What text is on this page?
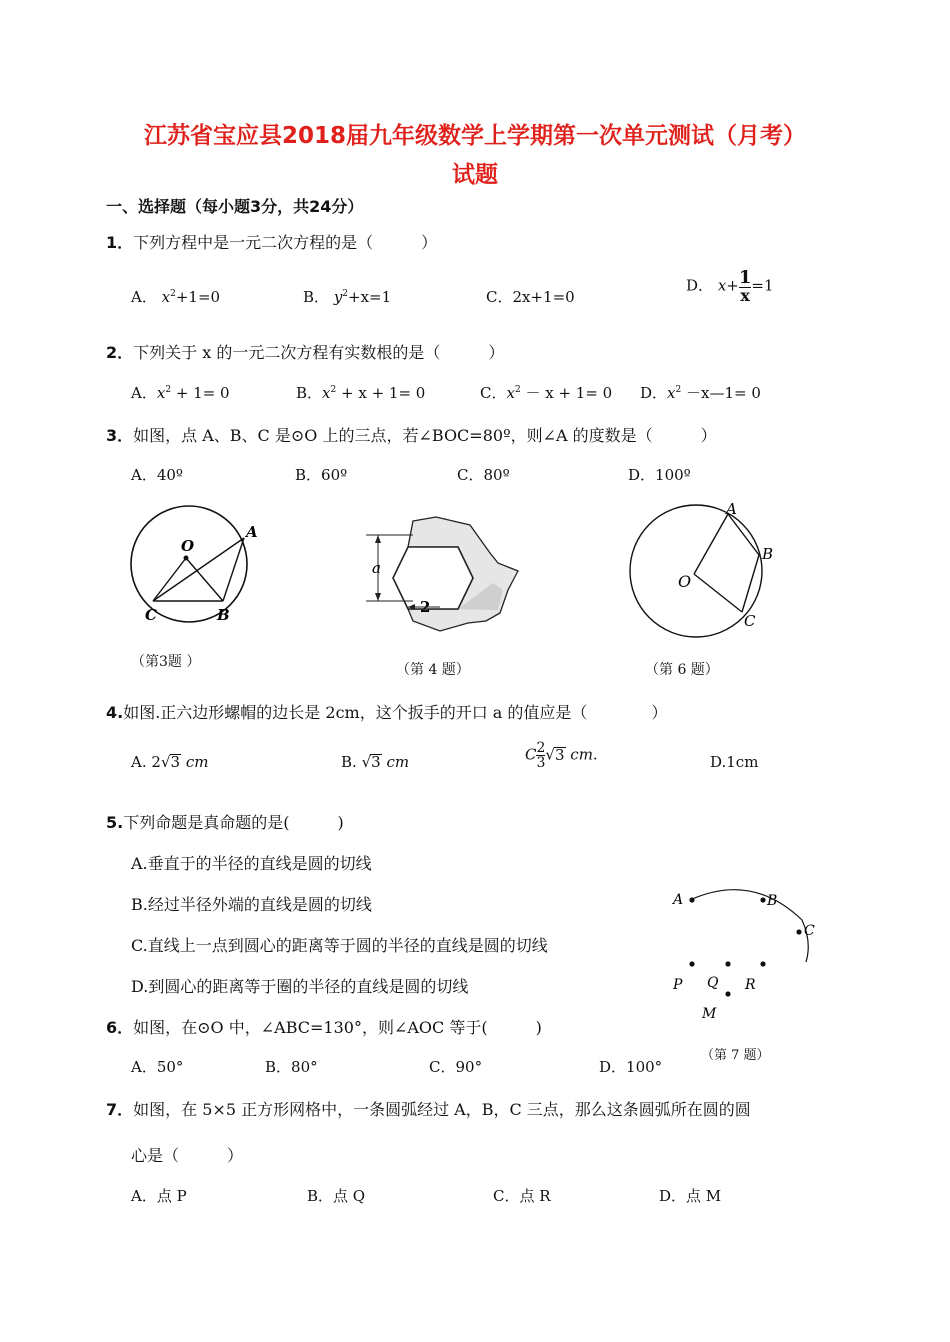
江苏省宝应县2018届九年级数学上学期第一次单元测试（月考）
试题
一、选择题（每小题3分，共24分）
1．下列方程中是一元二次方程的是（　　　）
A． $x^2+1=0$	B． $y^2+x=1$	C．2x+1=0
D． $x+ \frac{1}{x} =1$
2．下列关于 x 的一元二次方程有实数根的是（　　　）
A．$x^2 + 1= 0$	B．$x^2 + x + 1= 0$	C．$x^2 - x + 1= 0$ D．$x^2$ －x—1= 0
3．如图，点 A、B、C 是⊙O 上的三点，若∠BOC=80º，则∠A 的度数是（　　　）
A．40º	B．60º	C．80º	D．100º
O
A
B
C
（第3题 ）
a
2
（第 4 题）
O
A
B
C
（第 6 题）
4.如图.正六边形螺帽的边长是 2cm，这个扳手的开口 a 的值应是（　　　　）
A. 2√3 cm	B. √3 cm	C $\frac{2}{3} √3$ cm.	D.1cm
5.下列命题是真命题的是(　　　)
A.垂直于的半径的直线是圆的切线
B.经过半径外端的直线是圆的切线
C.直线上一点到圆心的距离等于圆的半径的直线是圆的切线
D.到圆心的距离等于圈的半径的直线是圆的切线
A	B
C
P Q R
M
（第 7 题）
6．如图，在⊙O 中，∠ABC=130°，则∠AOC 等于(　　　)
A．50°	B．80°	C．90°	D．100°
7．如图，在 5×5 正方形网格中，一条圆弧经过 A，B，C 三点，那么这条圆弧所在圆的圆
心是（　　　）
A．点 P	B．点 Q	C．点 R	D．点 M
